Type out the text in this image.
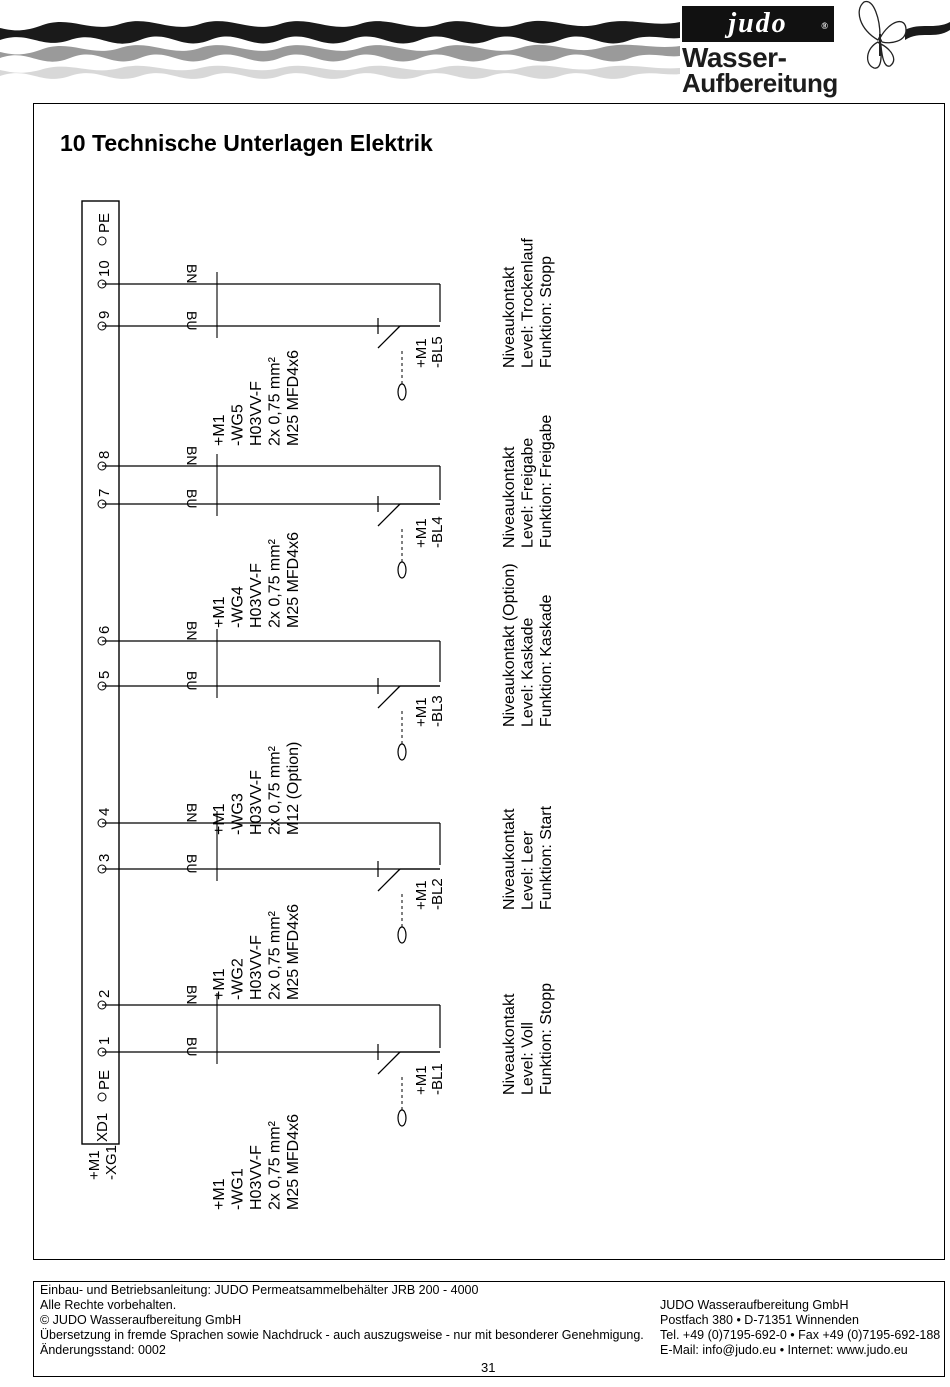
judo	®
Wasser-
Aufbereitung
10 Technische Unterlagen Elektrik
+M1 -XG1
XD1
PE
PE
1
2
BU
BN
+M1 -WG1 H03VV-F 2x 0,75 mm² M25 MFD4x6
+M1 -BL1	Niveaukontakt Level: Voll Funktion: Stopp
3
4
BU
BN
+M1 -WG2 H03VV-F 2x 0,75 mm² M25 MFD4x6
+M1 -BL2	Niveaukontakt Level: Leer Funktion: Start
5
6
BU
BN
+M1 -WG3 H03VV-F 2x 0,75 mm² M12 (Option)
+M1 -BL3	Niveaukontakt (Option) Level: Kaskade Funktion: Kaskade
7
8
BU
BN
+M1 -WG4 H03VV-F 2x 0,75 mm² M25 MFD4x6	+M1 -BL4	Niveaukontakt Level: Freigabe Funktion: Freigabe
9
10
BU
BN
+M1 -WG5 H03VV-F 2x 0,75 mm² M25 MFD4x6	+M1 -BL5	Niveaukontakt Level: Trockenlauf Funktion: Stopp
Einbau- und Betriebsanleitung: JUDO Permeatsammelbehälter JRB 200 - 4000
Alle Rechte vorbehalten.
© JUDO Wasseraufbereitung GmbH
Übersetzung in fremde Sprachen sowie Nachdruck - auch auszugsweise - nur mit besonderer Genehmigung.
Änderungsstand: 0002
JUDO Wasseraufbereitung GmbH
Postfach 380 • D-71351 Winnenden
Tel. +49 (0)7195-692-0 • Fax +49 (0)7195-692-188
E-Mail: info@judo.eu • Internet: www.judo.eu
31
